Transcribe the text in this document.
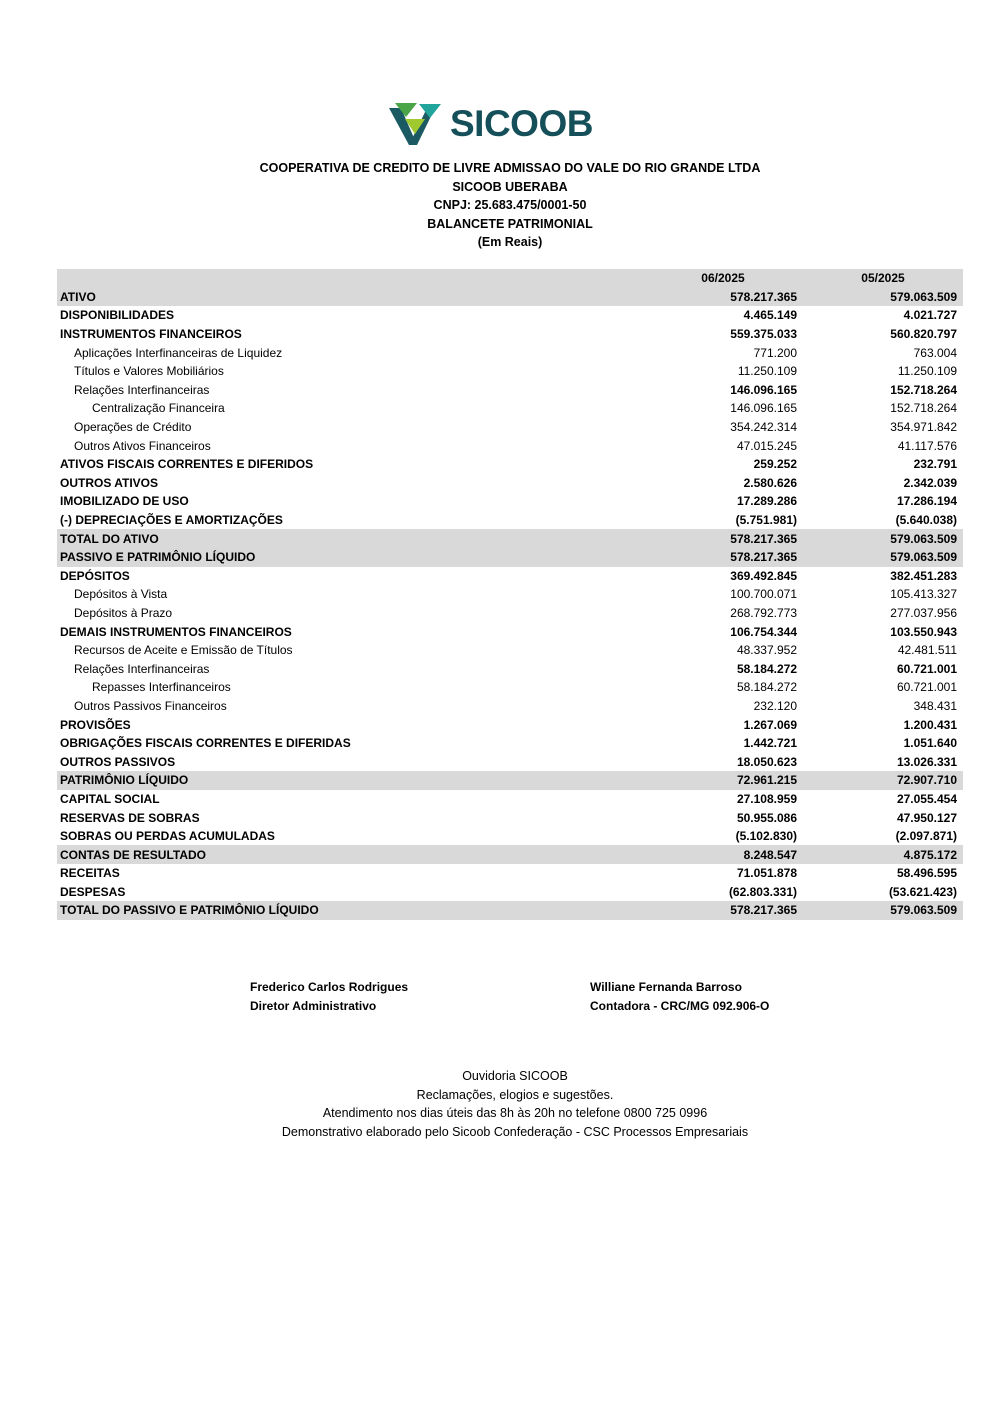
SICOOB
COOPERATIVA DE CREDITO DE LIVRE ADMISSAO DO VALE DO RIO GRANDE LTDA
SICOOB UBERABA
CNPJ: 25.683.475/0001-50
BALANCETE PATRIMONIAL
(Em Reais)
	06/2025	05/2025
ATIVO	578.217.365	579.063.509
DISPONIBILIDADES	4.465.149	4.021.727
INSTRUMENTOS FINANCEIROS	559.375.033	560.820.797
Aplicações Interfinanceiras de Liquidez	771.200	763.004
Títulos e Valores Mobiliários	11.250.109	11.250.109
Relações Interfinanceiras	146.096.165	152.718.264
Centralização Financeira	146.096.165	152.718.264
Operações de Crédito	354.242.314	354.971.842
Outros Ativos Financeiros	47.015.245	41.117.576
ATIVOS FISCAIS CORRENTES E DIFERIDOS	259.252	232.791
OUTROS ATIVOS	2.580.626	2.342.039
IMOBILIZADO DE USO	17.289.286	17.286.194
(-) DEPRECIAÇÕES E AMORTIZAÇÕES	(5.751.981)	(5.640.038)
TOTAL DO ATIVO	578.217.365	579.063.509
PASSIVO E PATRIMÔNIO LÍQUIDO	578.217.365	579.063.509
DEPÓSITOS	369.492.845	382.451.283
Depósitos à Vista	100.700.071	105.413.327
Depósitos à Prazo	268.792.773	277.037.956
DEMAIS INSTRUMENTOS FINANCEIROS	106.754.344	103.550.943
Recursos de Aceite e Emissão de Títulos	48.337.952	42.481.511
Relações Interfinanceiras	58.184.272	60.721.001
Repasses Interfinanceiros	58.184.272	60.721.001
Outros Passivos Financeiros	232.120	348.431
PROVISÕES	1.267.069	1.200.431
OBRIGAÇÕES FISCAIS CORRENTES E DIFERIDAS	1.442.721	1.051.640
OUTROS PASSIVOS	18.050.623	13.026.331
PATRIMÔNIO LÍQUIDO	72.961.215	72.907.710
CAPITAL SOCIAL	27.108.959	27.055.454
RESERVAS DE SOBRAS	50.955.086	47.950.127
SOBRAS OU PERDAS ACUMULADAS	(5.102.830)	(2.097.871)
CONTAS DE RESULTADO	8.248.547	4.875.172
RECEITAS	71.051.878	58.496.595
DESPESAS	(62.803.331)	(53.621.423)
TOTAL DO PASSIVO E PATRIMÔNIO LÍQUIDO	578.217.365	579.063.509
Frederico Carlos Rodrigues
Diretor Administrativo
Williane Fernanda Barroso
Contadora - CRC/MG 092.906-O
Ouvidoria SICOOB
Reclamações, elogios e sugestões.
Atendimento nos dias úteis das 8h às 20h no telefone 0800 725 0996
Demonstrativo elaborado pelo Sicoob Confederação - CSC Processos Empresariais
